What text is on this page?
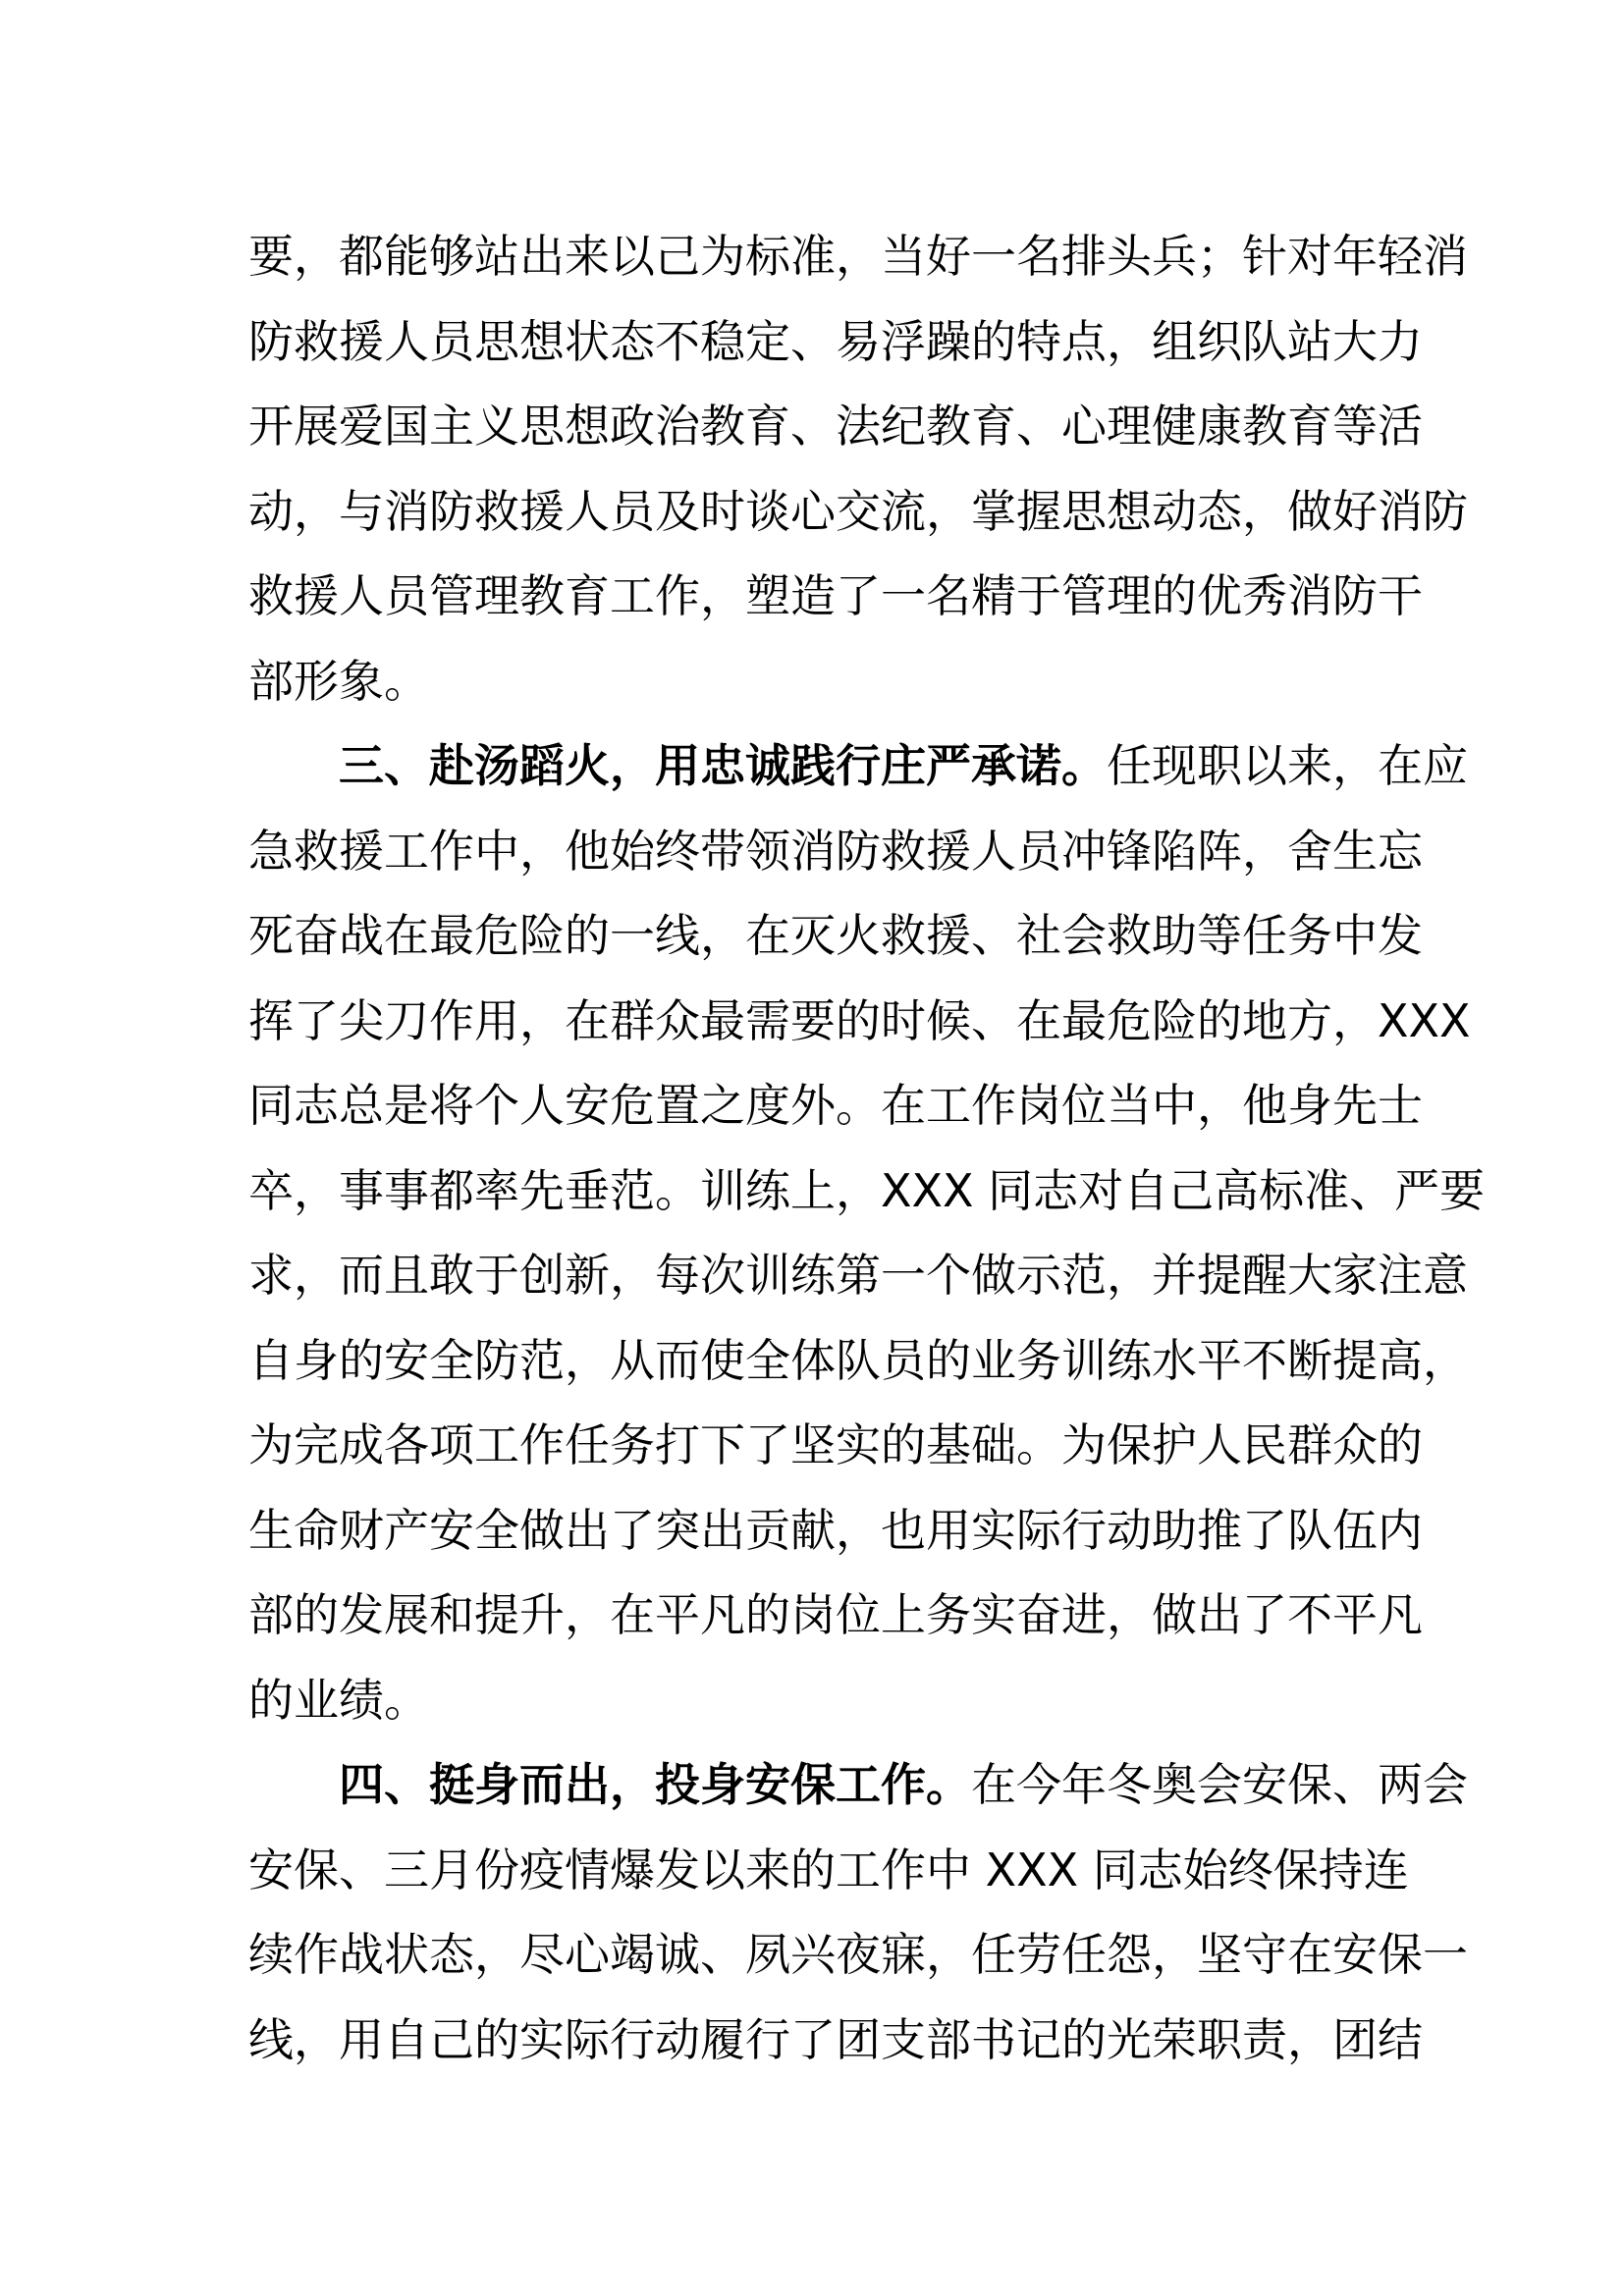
要，都能够站出来以己为标准，当好一名排头兵；针对年轻消
防救援人员思想状态不稳定、易浮躁的特点，组织队站大力
开展爱国主义思想政治教育、法纪教育、心理健康教育等活
动，与消防救援人员及时谈心交流，掌握思想动态，做好消防
救援人员管理教育工作，塑造了一名精于管理的优秀消防干
部形象。
三、赴汤蹈火，用忠诚践行庄严承诺。任现职以来，在应
急救援工作中，他始终带领消防救援人员冲锋陷阵，舍生忘
死奋战在最危险的一线，在灭火救援、社会救助等任务中发
挥了尖刀作用，在群众最需要的时候、在最危险的地方，XXX
同志总是将个人安危置之度外。在工作岗位当中，他身先士
卒，事事都率先垂范。训练上，XXX 同志对自己高标准、严要
求，而且敢于创新，每次训练第一个做示范，并提醒大家注意
自身的安全防范，从而使全体队员的业务训练水平不断提高，
为完成各项工作任务打下了坚实的基础。为保护人民群众的
生命财产安全做出了突出贡献，也用实际行动助推了队伍内
部的发展和提升，在平凡的岗位上务实奋进，做出了不平凡
的业绩。
四、挺身而出，投身安保工作。在今年冬奥会安保、两会
安保、三月份疫情爆发以来的工作中 XXX 同志始终保持连
续作战状态，尽心竭诚、夙兴夜寐，任劳任怨，坚守在安保一
线，用自己的实际行动履行了团支部书记的光荣职责，团结
